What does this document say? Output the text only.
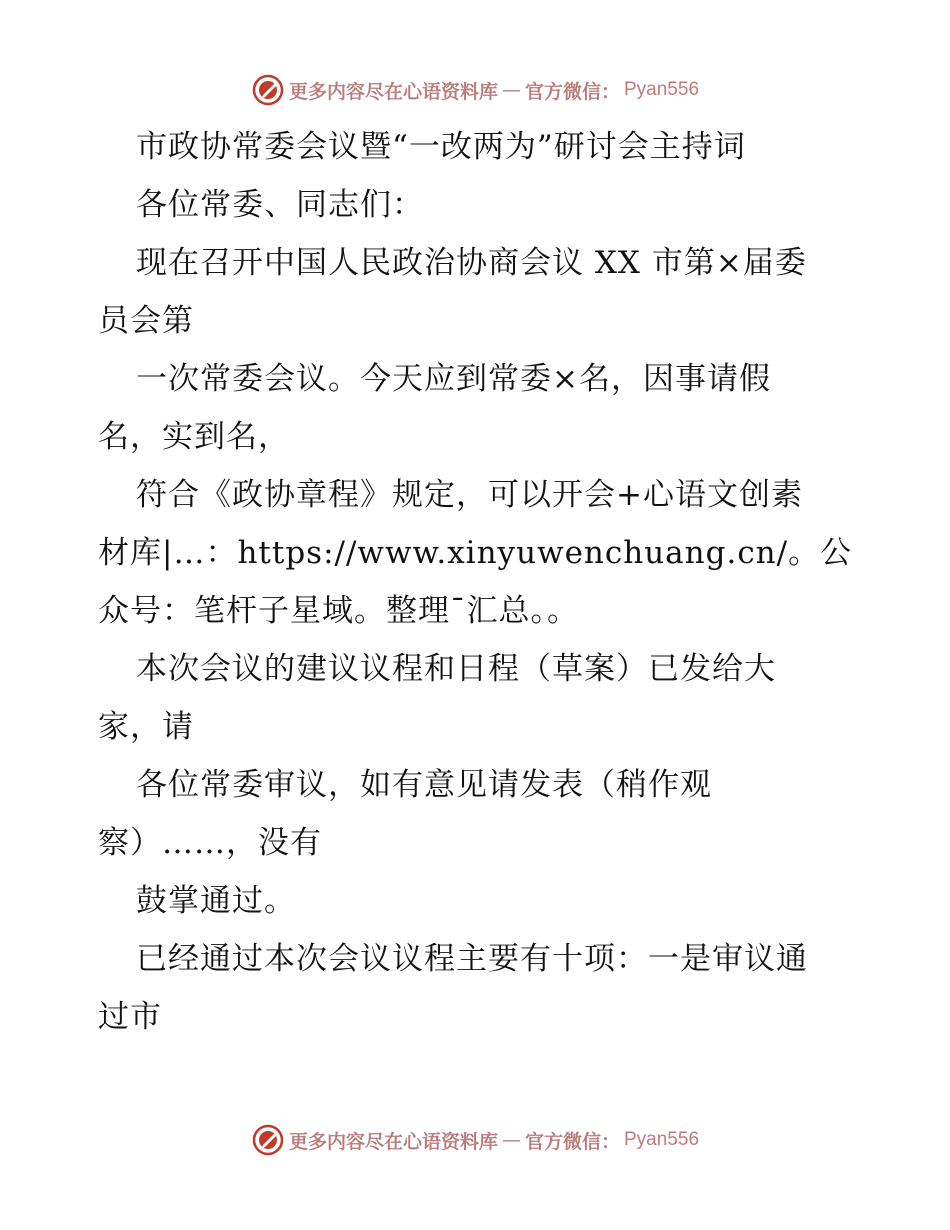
更多内容尽在心语资料库 — 官方微信： Pyan556
市政协常委会议暨“一改两为”研讨会主持词
各位常委、同志们：
现在召开中国人民政治协商会议 XX 市第×届委
员会第
一次常委会议。今天应到常委×名，因事请假
名，实到名，
符合《政协章程》规定，可以开会+心语文创素
材库|…：https://www.xinyuwenchuang.cn/。公
众号：笔杆子星域。整理¯汇总。。
本次会议的建议议程和日程（草案）已发给大
家，请
各位常委审议，如有意见请发表（稍作观
察）……，没有
鼓掌通过。
已经通过本次会议议程主要有十项：一是审议通
过市
更多内容尽在心语资料库 — 官方微信： Pyan556
